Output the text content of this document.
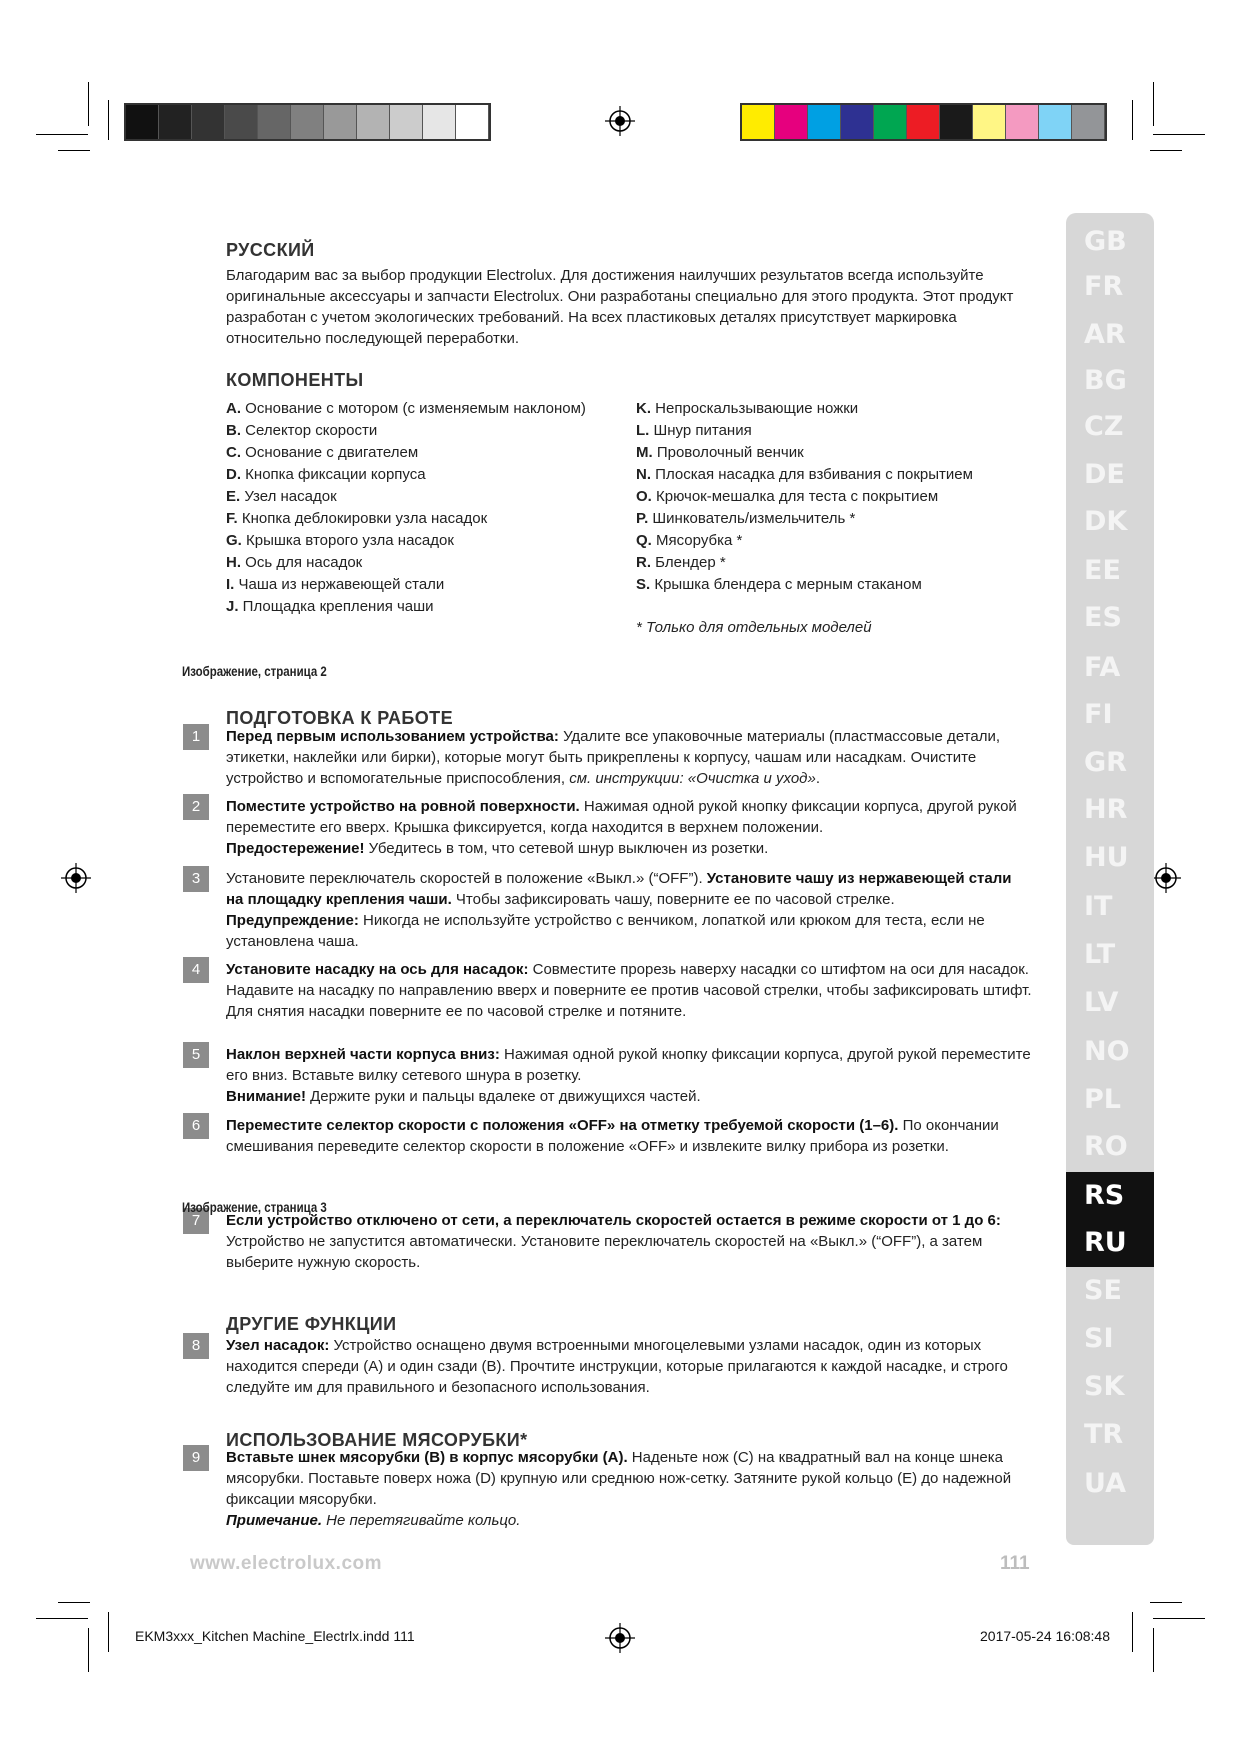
GB
FR
AR
BG
CZ
DE
DK
EE
ES
FA
FI
GR
HR
HU
IT
LT
LV
NO
PL
RO
RS
RU
SE
SI
SK
TR
UA
РУССКИЙ
Благодарим вас за выбор продукции Electrolux. Для достижения наилучших результатов всегда используйте оригинальные аксессуары и запчасти Electrolux. Они разработаны специально для этого продукта. Этот продукт разработан с учетом экологических требований. На всех пластиковых деталях присутствует маркировка относительно последующей переработки.
КОМПОНЕНТЫ
A. Основание с мотором (с изменяемым наклоном)
B. Селектор скорости
C. Основание с двигателем
D. Кнопка фиксации корпуса
E. Узел насадок
F. Кнопка деблокировки узла насадок
G. Крышка второго узла насадок
H. Ось для насадок
I. Чаша из нержавеющей стали
J. Площадка крепления чаши
K. Непроскальзывающие ножки
L. Шнур питания
M. Проволочный венчик
N. Плоская насадка для взбивания с покрытием
O. Крючок-мешалка для теста с покрытием
P. Шинкователь/измельчитель *
Q. Мясорубка *
R. Блендер *
S. Крышка блендера с мерным стаканом
* Только для отдельных моделей
Изображение, страница 2
ПОДГОТОВКА К РАБОТЕ
1	Перед первым использованием устройства: Удалите все упаковочные материалы (пластмассовые детали, этикетки, наклейки или бирки), которые могут быть прикреплены к корпусу, чашам или насадкам. Очистите устройство и вспомогательные приспособления, см. инструкции: «Очистка и уход».
2	Поместите устройство на ровной поверхности. Нажимая одной рукой кнопку фиксации корпуса, другой рукой переместите его вверх. Крышка фиксируется, когда находится в верхнем положении.
Предостережение! Убедитесь в том, что сетевой шнур выключен из розетки.
3	Установите переключатель скоростей в положение «Выкл.» (“OFF”). Установите чашу из нержавеющей стали на площадку крепления чаши. Чтобы зафиксировать чашу, поверните ее по часовой стрелке.
Предупреждение: Никогда не используйте устройство с венчиком, лопаткой или крюком для теста, если не установлена чаша.
4	Установите насадку на ось для насадок: Совместите прорезь наверху насадки со штифтом на оси для насадок. Надавите на насадку по направлению вверх и поверните ее против часовой стрелки, чтобы зафиксировать штифт.
Для снятия насадки поверните ее по часовой стрелке и потяните.
5	Наклон верхней части корпуса вниз: Нажимая одной рукой кнопку фиксации корпуса, другой рукой переместите его вниз. Вставьте вилку сетевого шнура в розетку.
Внимание! Держите руки и пальцы вдалеке от движущихся частей.
6	Переместите селектор скорости с положения «OFF» на отметку требуемой скорости (1–6). По окончании смешивания переведите селектор скорости в положение «OFF» и извлеките вилку прибора из розетки.
7	Если устройство отключено от сети, а переключатель скоростей остается в режиме скорости от 1 до 6: Устройство не запустится автоматически. Установите переключатель скоростей на «Выкл.» (“OFF”), а затем выберите нужную скорость.
Изображение, страница 3
ДРУГИЕ ФУНКЦИИ
8	Узел насадок: Устройство оснащено двумя встроенными многоцелевыми узлами насадок, один из которых находится спереди (А) и один сзади (В). Прочтите инструкции, которые прилагаются к каждой насадке, и строго следуйте им для правильного и безопасного использования.
ИСПОЛЬЗОВАНИЕ МЯСОРУБКИ*
9	Вставьте шнек мясорубки (В) в корпус мясорубки (А). Наденьте нож (С) на квадратный вал на конце шнека мясорубки. Поставьте поверх ножа (D) крупную или среднюю нож-сетку. Затяните рукой кольцо (Е) до надежной фиксации мясорубки.
Примечание. Не перетягивайте кольцо.
www.electrolux.com	111
EKM3xxx_Kitchen Machine_Electrlx.indd 111	2017-05-24 16:08:48
